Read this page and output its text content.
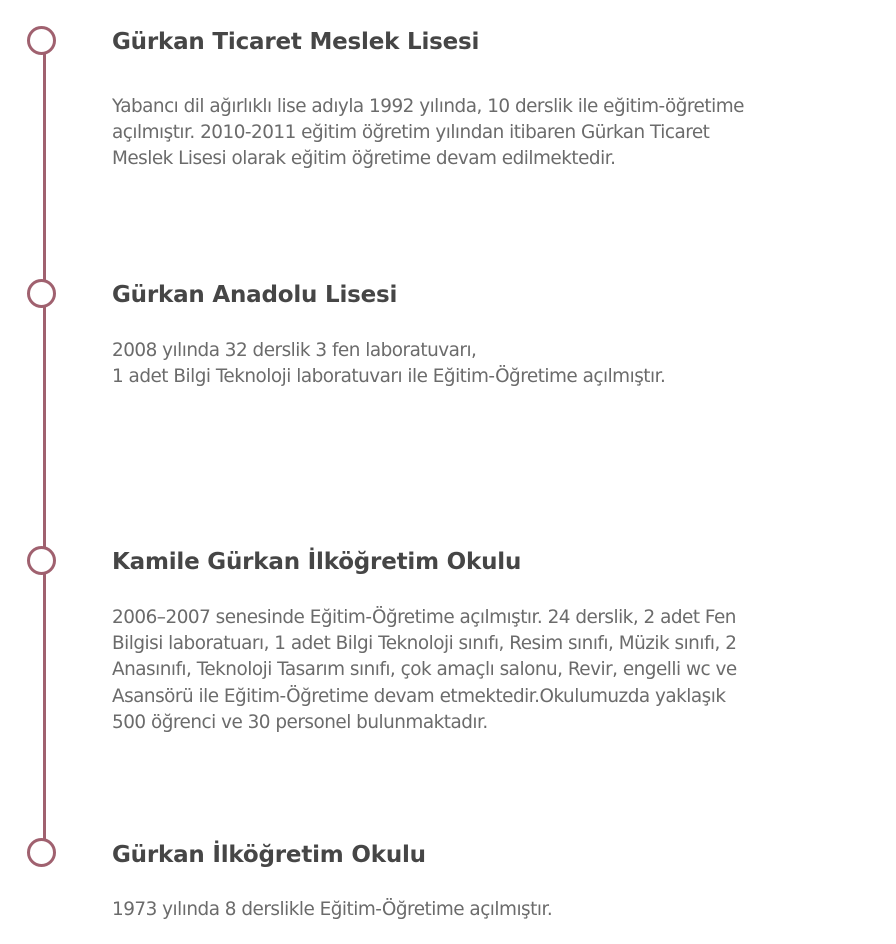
Gürkan Ticaret Meslek Lisesi

Yabancı dil ağırlıklı lise adıyla 1992 yılında, 10 derslik ile eğitim-öğretime
açılmıştır. 2010-2011 eğitim öğretim yılından itibaren Gürkan Ticaret
Meslek Lisesi olarak eğitim öğretime devam edilmektedir.

Gürkan Anadolu Lisesi

2008 yılında 32 derslik 3 fen laboratuvarı,
1 adet Bilgi Teknoloji laboratuvarı ile Eğitim-Öğretime açılmıştır.

Kamile Gürkan İlköğretim Okulu

2006–2007 senesinde Eğitim-Öğretime açılmıştır. 24 derslik, 2 adet Fen
Bilgisi laboratuarı, 1 adet Bilgi Teknoloji sınıfı, Resim sınıfı, Müzik sınıfı, 2
Anasınıfı, Teknoloji Tasarım sınıfı, çok amaçlı salonu, Revir, engelli wc ve
Asansörü ile Eğitim-Öğretime devam etmektedir.Okulumuzda yaklaşık
500 öğrenci ve 30 personel bulunmaktadır.

Gürkan İlköğretim Okulu

1973 yılında 8 derslikle Eğitim-Öğretime açılmıştır.
